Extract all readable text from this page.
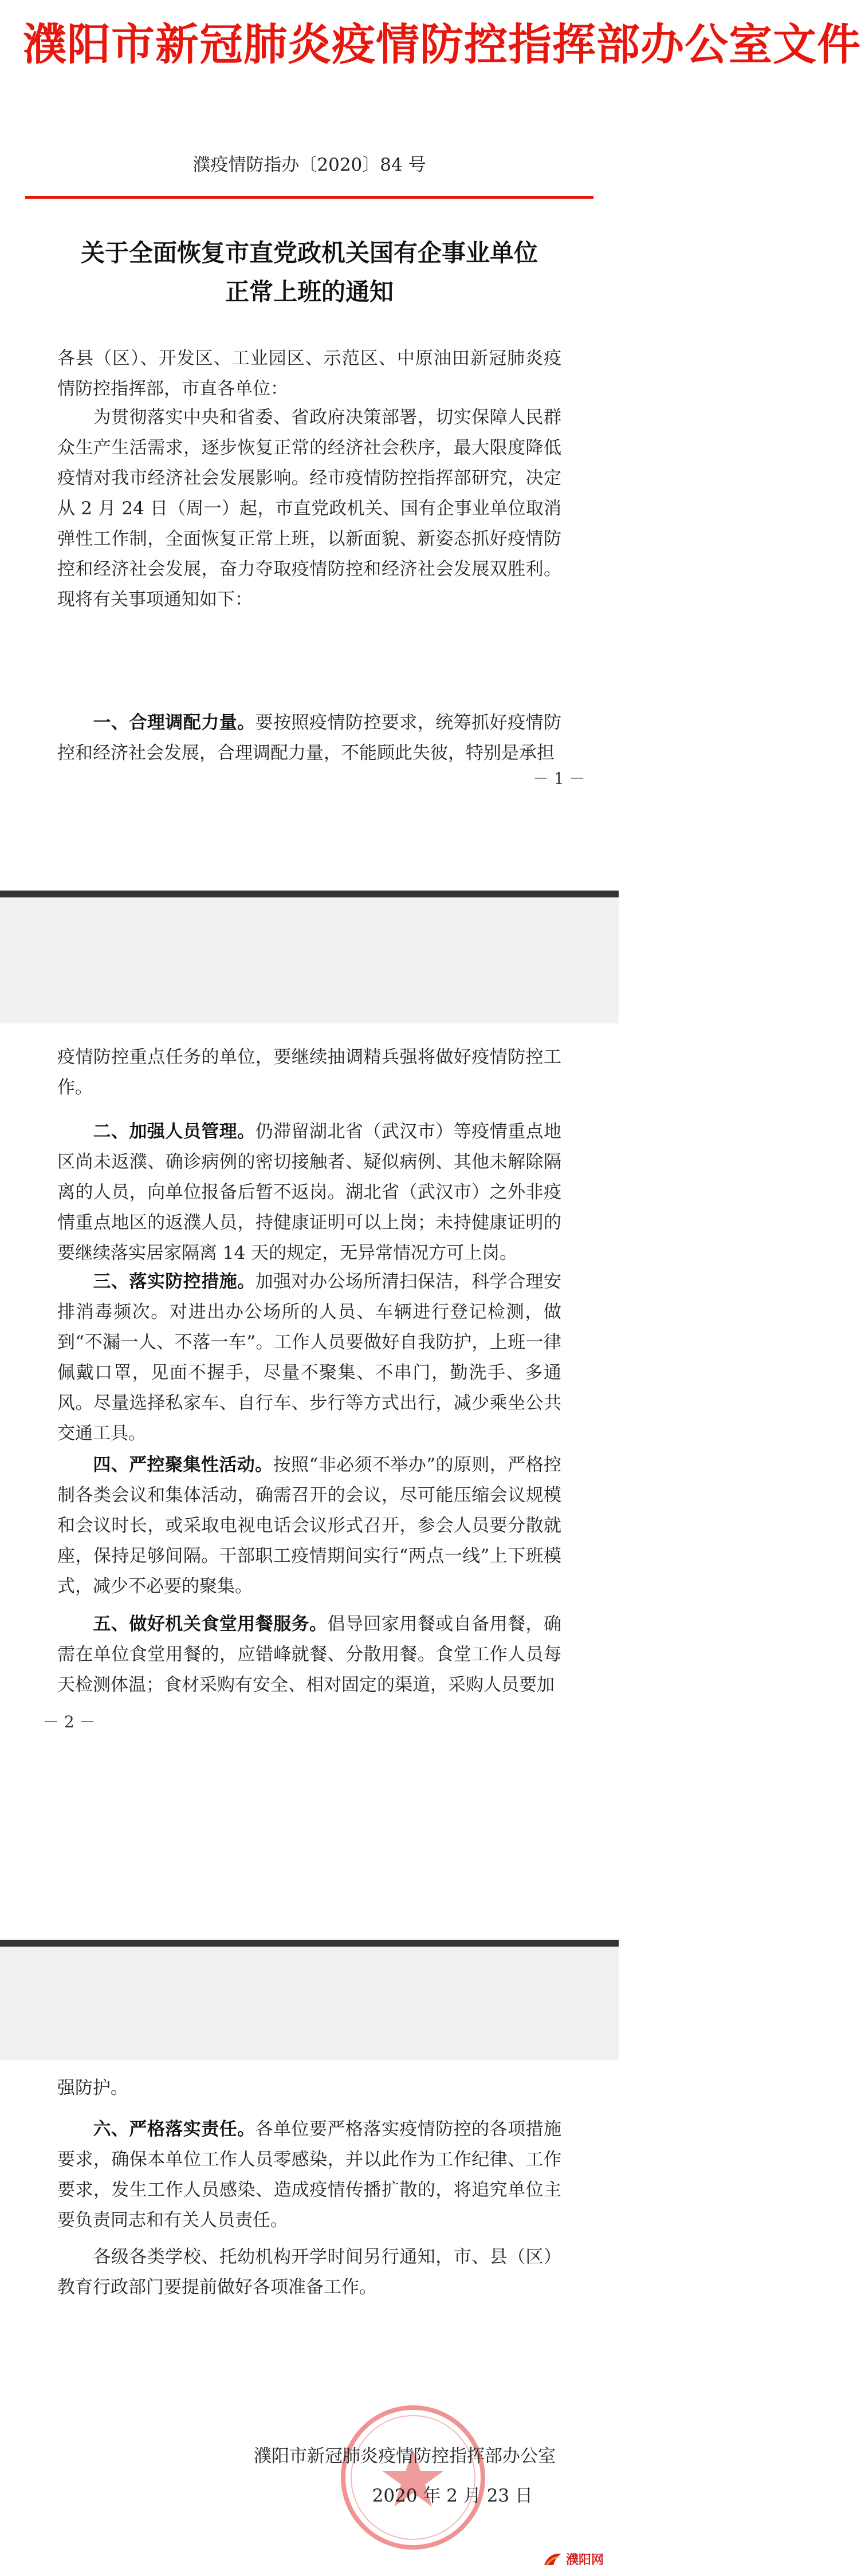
濮阳市新冠肺炎疫情防控指挥部办公室文件
濮疫情防指办〔2020〕84 号
关于全面恢复市直党政机关国有企事业单位
正常上班的通知
各县（区）、开发区、工业园区、示范区、中原油田新冠肺炎疫情防控指挥部，市直各单位：
为贯彻落实中央和省委、省政府决策部署，切实保障人民群众生产生活需求，逐步恢复正常的经济社会秩序，最大限度降低疫情对我市经济社会发展影响。经市疫情防控指挥部研究，决定从 2 月 24 日（周一）起，市直党政机关、国有企事业单位取消弹性工作制，全面恢复正常上班，以新面貌、新姿态抓好疫情防控和经济社会发展，奋力夺取疫情防控和经济社会发展双胜利。现将有关事项通知如下：
一、合理调配力量。要按照疫情防控要求，统筹抓好疫情防控和经济社会发展，合理调配力量，不能顾此失彼，特别是承担
－ 1 －
疫情防控重点任务的单位，要继续抽调精兵强将做好疫情防控工作。
二、加强人员管理。仍滞留湖北省（武汉市）等疫情重点地区尚未返濮、确诊病例的密切接触者、疑似病例、其他未解除隔离的人员，向单位报备后暂不返岗。湖北省（武汉市）之外非疫情重点地区的返濮人员，持健康证明可以上岗；未持健康证明的要继续落实居家隔离 14 天的规定，无异常情况方可上岗。
三、落实防控措施。加强对办公场所清扫保洁，科学合理安排消毒频次。对进出办公场所的人员、车辆进行登记检测，做到“不漏一人、不落一车”。工作人员要做好自我防护，上班一律佩戴口罩，见面不握手，尽量不聚集、不串门，勤洗手、多通风。尽量选择私家车、自行车、步行等方式出行，减少乘坐公共交通工具。
四、严控聚集性活动。按照“非必须不举办”的原则，严格控制各类会议和集体活动，确需召开的会议，尽可能压缩会议规模和会议时长，或采取电视电话会议形式召开，参会人员要分散就座，保持足够间隔。干部职工疫情期间实行“两点一线”上下班模式，减少不必要的聚集。
五、做好机关食堂用餐服务。倡导回家用餐或自备用餐，确需在单位食堂用餐的，应错峰就餐、分散用餐。食堂工作人员每天检测体温；食材采购有安全、相对固定的渠道，采购人员要加
－ 2 －
强防护。
六、严格落实责任。各单位要严格落实疫情防控的各项措施要求，确保本单位工作人员零感染，并以此作为工作纪律、工作要求，发生工作人员感染、造成疫情传播扩散的，将追究单位主要负责同志和有关人员责任。
各级各类学校、托幼机构开学时间另行通知，市、县（区）教育行政部门要提前做好各项准备工作。
濮阳市新冠肺炎疫情防控指挥部办公室
2020 年 2 月 23 日
濮阳网
